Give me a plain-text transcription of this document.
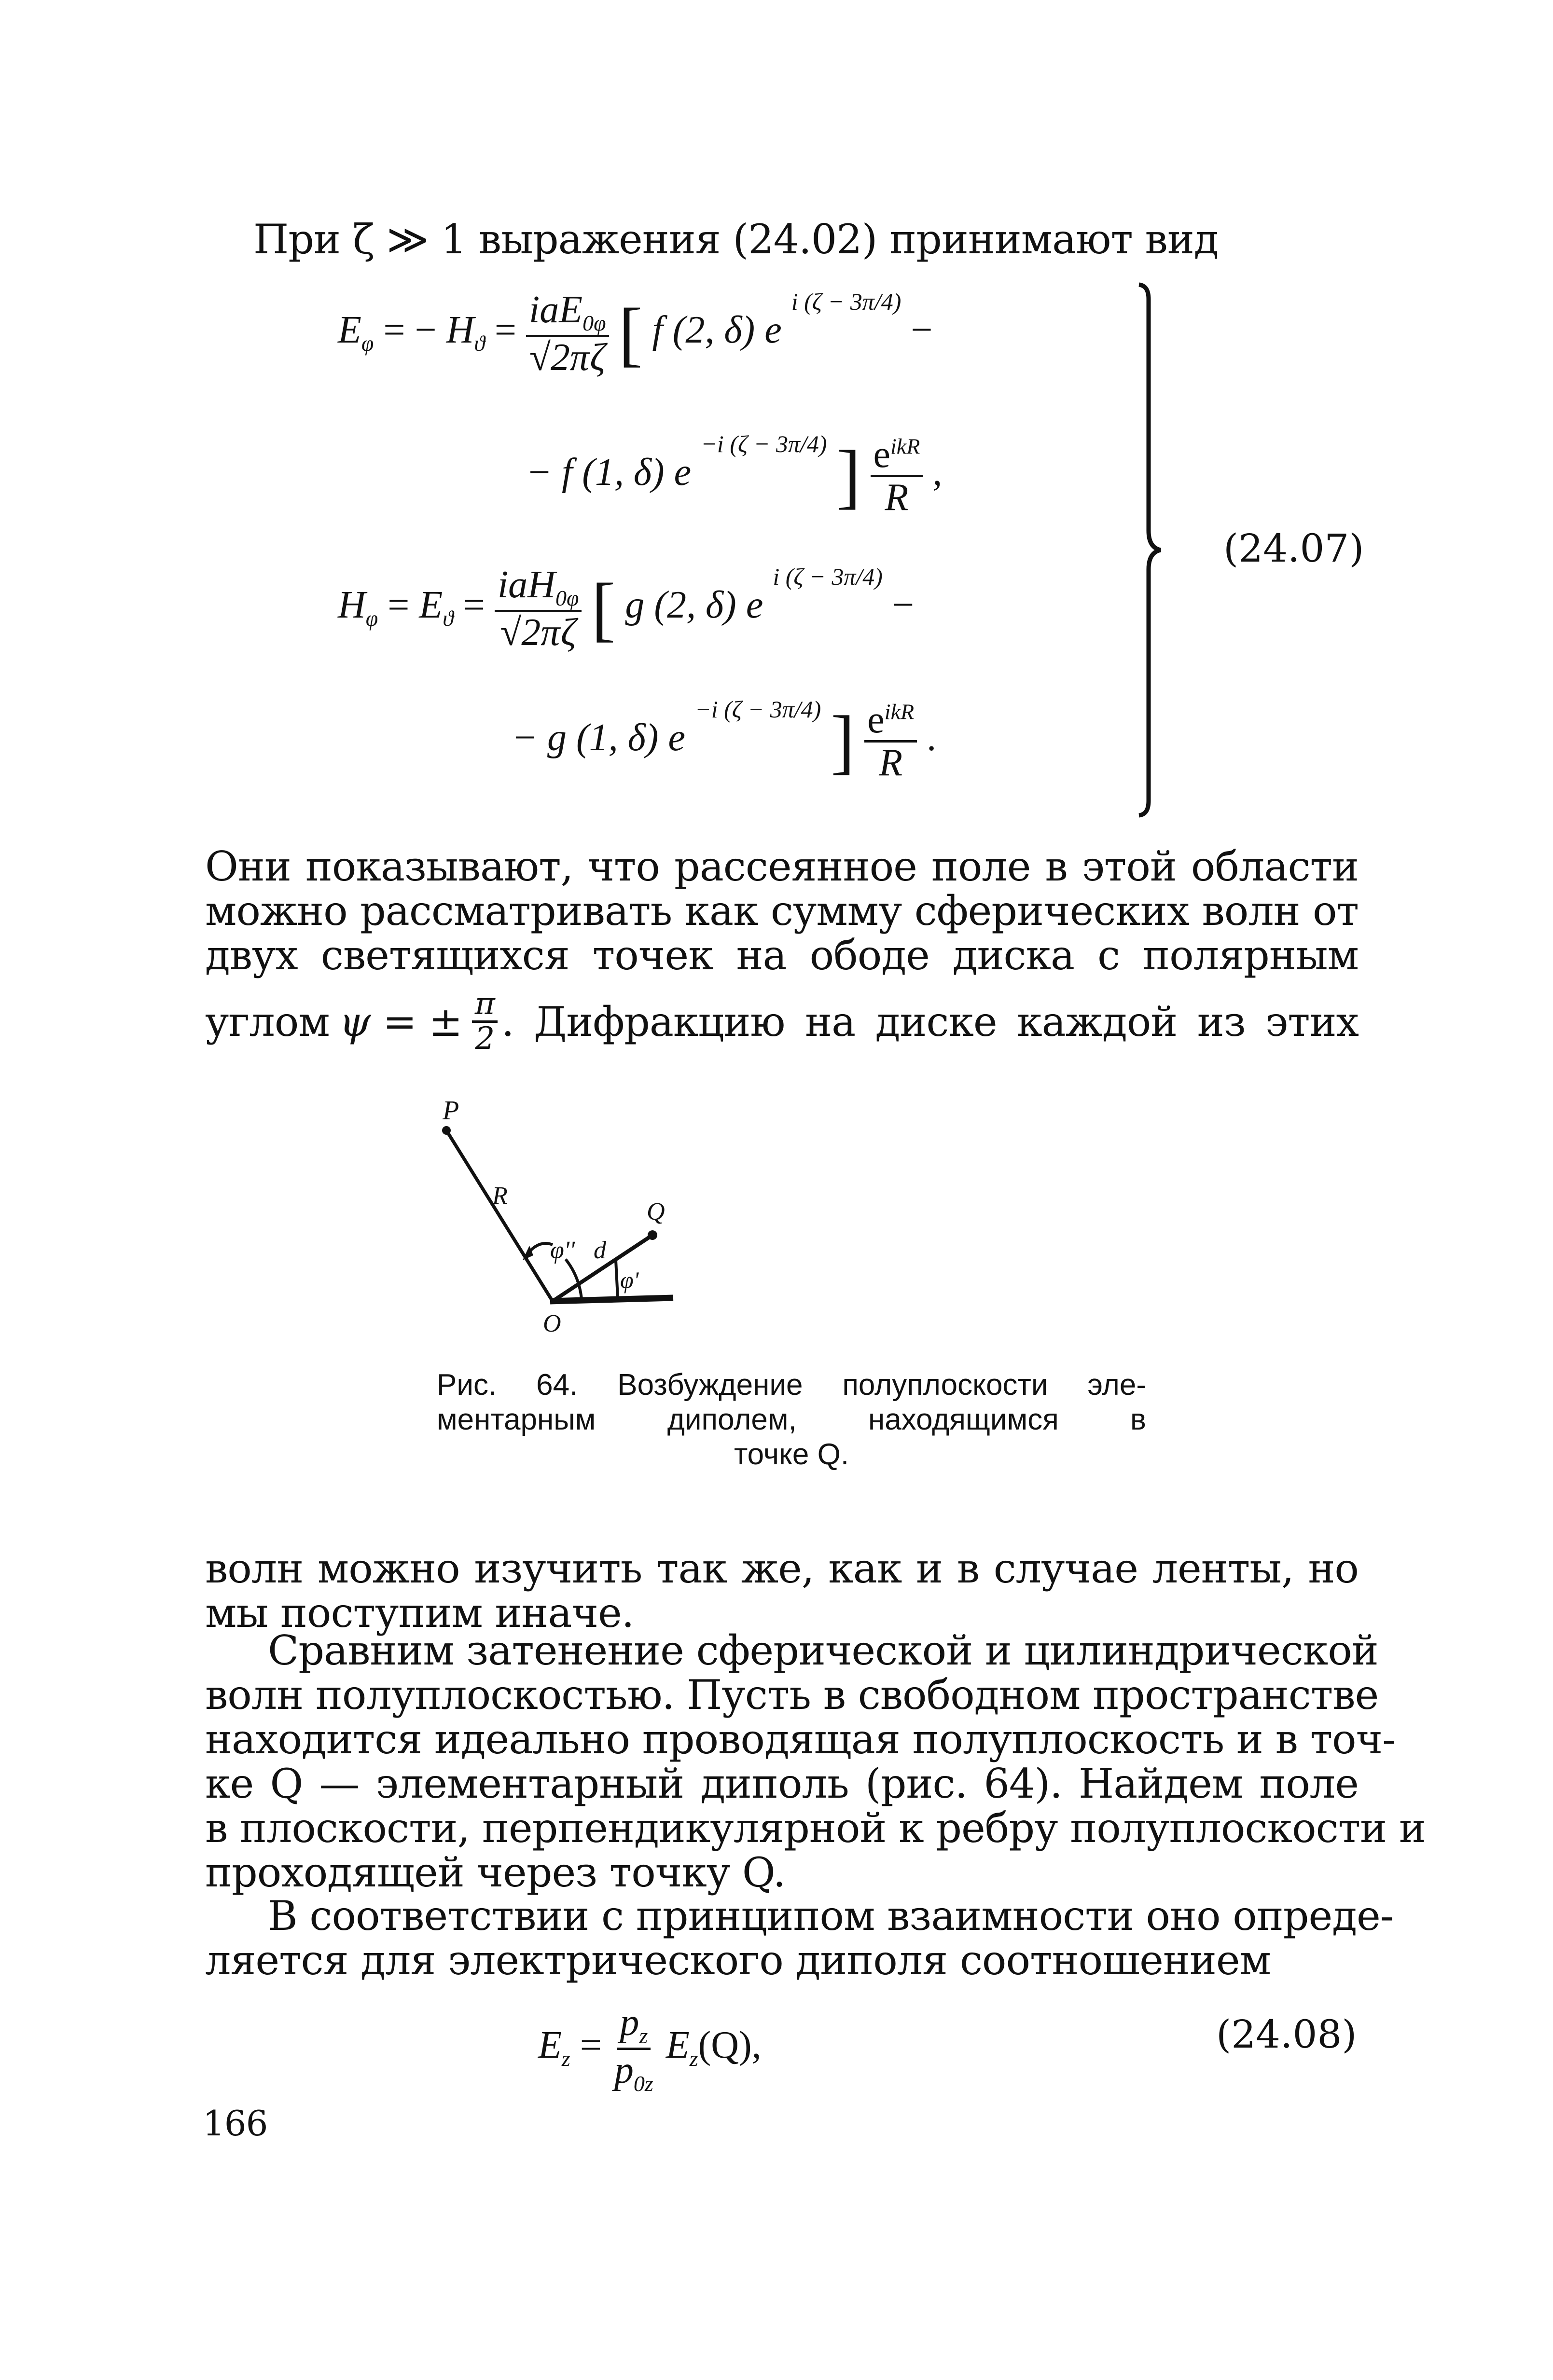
При ζ ≫ 1 выражения (24.02) принимают вид
$E_\varphi$ = − $H_ϑ = \frac{iaE_{0\varphi}}{√2\pi\zeta}$ [ f (2, δ) e $^{i (\zeta - 3\pi/4)}$ −
− f (1, δ) e $^{-i (\zeta - 3\pi/4)}$ ] $\frac{e^{ikR}}{R}$ ,
$H_\varphi = E_ϑ = \frac{iaH_{0\varphi}}{√2\pi\zeta}$ [ g (2, δ) e $^{i (\zeta - 3\pi/4)}$ −
− g (1, δ) e $^{-i (\zeta - 3\pi/4)}$ ] $\frac{e^{ikR}}{R}$ .
(24.07)
Они показывают, что рассеянное поле в этой области
можно рассматривать как сумму сферических волн от
двух светящихся точек на ободе диска с полярным
углом ψ = ± $\frac{\pi}{2}$ . Дифракцию на диске каждой из этих
P
R
Q
d
O
φ''
φ'
Рис. 64. Возбуждение полуплоскости эле-
ментарным диполем, находящимся в
точке Q.
волн можно изучить так же, как и в случае ленты, но
мы поступим иначе.
Сравним затенение сферической и цилиндрической
волн полуплоскостью. Пусть в свободном пространстве
находится идеально проводящая полуплоскость и в точ-
ке Q — элементарный диполь (рис. 64). Найдем поле
в плоскости, перпендикулярной к ребру полуплоскости и
проходящей через точку Q.
В соответствии с принципом взаимности оно опреде-
ляется для электрического диполя соотношением
$E_z = \frac{p_z}{p_{0z}} E_z(Q)$,	(24.08)
166
